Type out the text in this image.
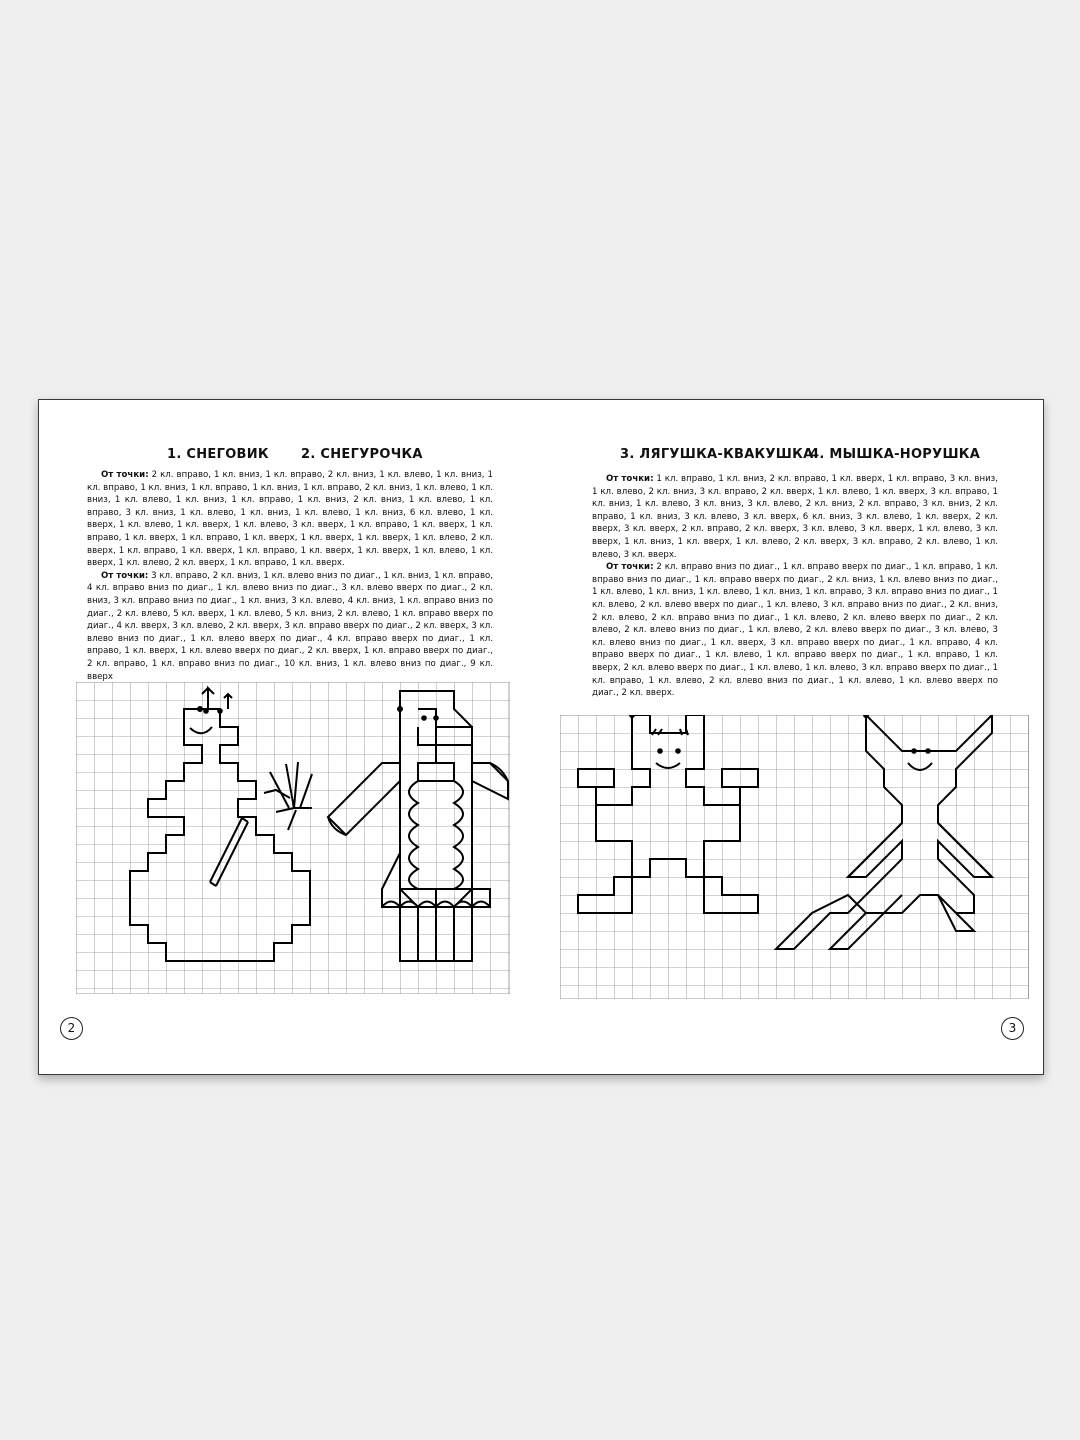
1. СНЕГОВИК 2. СНЕГУРОЧКА

От точки: 2 кл. вправо, 1 кл. вниз, 1 кл. вправо, 2 кл. вниз, 1 кл. влево, 1 кл. вниз, 1 кл. вправо, 1 кл. вниз, 1 кл. вправо, 1 кл. вниз, 1 кл. вправо, 2 кл. вниз, 1 кл. влево, 1 кл. вниз, 1 кл. влево, 1 кл. вниз, 1 кл. вправо, 1 кл. вниз, 2 кл. вниз, 1 кл. влево, 1 кл. вправо, 3 кл. вниз, 1 кл. влево, 1 кл. вниз, 1 кл. влево, 1 кл. вниз, 6 кл. влево, 1 кл. вверх, 1 кл. влево, 1 кл. вверх, 1 кл. влево, 3 кл. вверх, 1 кл. вправо, 1 кл. вверх, 1 кл. вправо, 1 кл. вверх, 1 кл. вправо, 1 кл. вверх, 1 кл. вверх, 1 кл. вверх, 1 кл. влево, 2 кл. вверх, 1 кл. вправо, 1 кл. вверх, 1 кл. вправо, 1 кл. вверх, 1 кл. вверх, 1 кл. влево, 1 кл. вверх, 1 кл. влево, 2 кл. вверх, 1 кл. вправо, 1 кл. вверх.

От точки: 3 кл. вправо, 2 кл. вниз, 1 кл. влево вниз по диаг., 1 кл. вниз, 1 кл. вправо, 4 кл. вправо вниз по диаг., 1 кл. влево вниз по диаг., 3 кл. влево вверх по диаг., 2 кл. вниз, 3 кл. вправо вниз по диаг., 1 кл. вниз, 3 кл. влево, 4 кл. вниз, 1 кл. вправо вниз по диаг., 2 кл. влево, 5 кл. вверх, 1 кл. влево, 5 кл. вниз, 2 кл. влево, 1 кл. вправо вверх по диаг., 4 кл. вверх, 3 кл. влево, 2 кл. вверх, 3 кл. вправо вверх по диаг., 2 кл. вверх, 3 кл. влево вниз по диаг., 1 кл. влево вверх по диаг., 4 кл. вправо вверх по диаг., 1 кл. вправо, 1 кл. вверх, 1 кл. влево вверх по диаг., 2 кл. вверх, 1 кл. вправо вверх по диаг., 2 кл. вправо, 1 кл. вправо вниз по диаг., 10 кл. вниз, 1 кл. влево вниз по диаг., 9 кл. вверх

2
3. ЛЯГУШКА-КВАКУШКА
4. МЫШКА-НОРУШКА

От точки: 1 кл. вправо, 1 кл. вниз, 2 кл. вправо, 1 кл. вверх, 1 кл. вправо, 3 кл. вниз, 1 кл. влево, 2 кл. вниз, 3 кл. вправо, 2 кл. вверх, 1 кл. влево, 1 кл. вверх, 3 кл. вправо, 1 кл. вниз, 1 кл. влево, 3 кл. вниз, 3 кл. влево, 2 кл. вниз, 2 кл. вправо, 3 кл. вниз, 2 кл. вправо, 1 кл. вниз, 3 кл. влево, 3 кл. вверх, 6 кл. вниз, 3 кл. влево, 1 кл. вверх, 2 кл. вверх, 3 кл. вверх, 2 кл. вправо, 2 кл. вверх, 3 кл. влево, 3 кл. вверх, 1 кл. влево, 3 кл. вверх, 1 кл. вниз, 1 кл. вверх, 1 кл. влево, 2 кл. вверх, 3 кл. вправо, 2 кл. влево, 1 кл. влево, 3 кл. вверх.

От точки: 2 кл. вправо вниз по диаг., 1 кл. вправо вверх по диаг., 1 кл. вправо, 1 кл. вправо вниз по диаг., 1 кл. вправо вверх по диаг., 2 кл. вниз, 1 кл. влево вниз по диаг., 1 кл. влево, 1 кл. вниз, 1 кл. влево, 1 кл. вниз, 1 кл. вправо, 3 кл. вправо вниз по диаг., 1 кл. влево, 2 кл. влево вверх по диаг., 1 кл. влево, 3 кл. вправо вниз по диаг., 2 кл. вниз, 2 кл. влево, 2 кл. вправо вниз по диаг., 1 кл. влево, 2 кл. влево вверх по диаг., 2 кл. влево, 2 кл. влево вниз по диаг., 1 кл. влево, 2 кл. влево вверх по диаг., 3 кл. влево, 3 кл. влево вниз по диаг., 1 кл. вверх, 3 кл. вправо вверх по диаг., 1 кл. вправо, 4 кл. вправо вверх по диаг., 1 кл. влево, 1 кл. вправо вверх по диаг., 1 кл. вправо, 1 кл. вверх, 2 кл. влево вверх по диаг., 1 кл. влево, 1 кл. влево, 3 кл. вправо вверх по диаг., 1 кл. вправо, 1 кл. влево, 2 кл. влево вниз по диаг., 1 кл. влево, 1 кл. влево вверх по диаг., 2 кл. вверх.

3
